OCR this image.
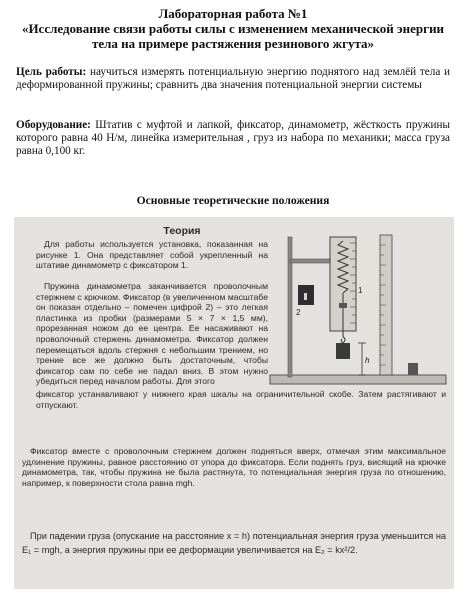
Лабораторная работа №1
«Исследование связи работы силы с изменением механической энергии тела на примере растяжения резинового жгута»
Цель работы: научиться измерять потенциальную энергию поднятого над землёй тела и деформированной пружины; сравнить два значения потенциальной энергии системы
Оборудование: Штатив с муфтой и лапкой, фиксатор, динамометр, жёсткость пружины которого равна 40 Н/м, линейка измерительная , груз из набора по механики; масса груза равна 0,100 кг.
Основные теоретические положения
Теория
Для работы используется установка, показанная на рисунке 1. Она представляет собой укрепленный на штативе динамометр с фиксатором 1.
Пружина динамометра заканчивается проволочным стержнем с крючком. Фиксатор (в увеличенном масштабе он показан отдельно – помечен цифрой 2) – это легкая пластинка из пробки (размерами 5 × 7 × 1,5 мм), прорезанная ножом до ее центра. Ее насаживают на проволочный стержень динамометра. Фиксатор должен перемещаться вдоль стержня с небольшим трением, но трение все же должно быть достаточным, чтобы фиксатор сам по себе не падал вниз. В этом нужно убедиться перед началом работы. Для этого
фиксатор устанавливают у нижнего края шкалы на ограничительной скобе. Затем растягивают и отпускают.
Фиксатор вместе с проволочным стержнем должен подняться вверх, отмечая этим максимальное удлинение пружины, равное расстоянию от упора до фиксатора. Если поднять груз, висящий на крючке динамометра, так, чтобы пружина не была растянута, то потенциальная энергия груза по отношению, например, к поверхности стола равна mgh.
При падении груза (опускание на расстояние x = h) потенциальная энергия груза уменьшится на E₁ = mgh, а энергия пружины при ее деформации увеличивается на E₂ = kx²/2.
1
2
h
